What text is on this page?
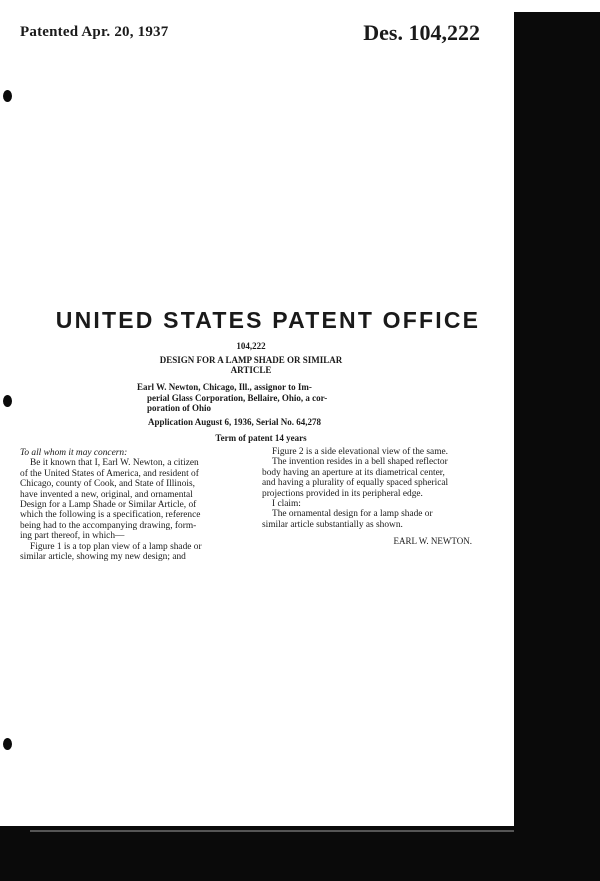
Patented Apr. 20, 1937	Des. 104,222
UNITED STATES PATENT OFFICE
104,222
DESIGN FOR A LAMP SHADE OR SIMILAR
ARTICLE
Earl W. Newton, Chicago, Ill., assignor to Im-
perial Glass Corporation, Bellaire, Ohio, a cor-
poration of Ohio
Application August 6, 1936, Serial No. 64,278
Term of patent 14 years

To all whom it may concern:

Be it known that I, Earl W. Newton, a citizen

of the United States of America, and resident of

Chicago, county of Cook, and State of Illinois,

have invented a new, original, and ornamental

Design for a Lamp Shade or Similar Article, of

which the following is a specification, reference

being had to the accompanying drawing, form-

ing part thereof, in which—

Figure 1 is a top plan view of a lamp shade or

similar article, showing my new design; and

Figure 2 is a side elevational view of the same.

The invention resides in a bell shaped reflector

body having an aperture at its diametrical center,

and having a plurality of equally spaced spherical

projections provided in its peripheral edge.

I claim:

The ornamental design for a lamp shade or

similar article substantially as shown.

EARL W. NEWTON.
